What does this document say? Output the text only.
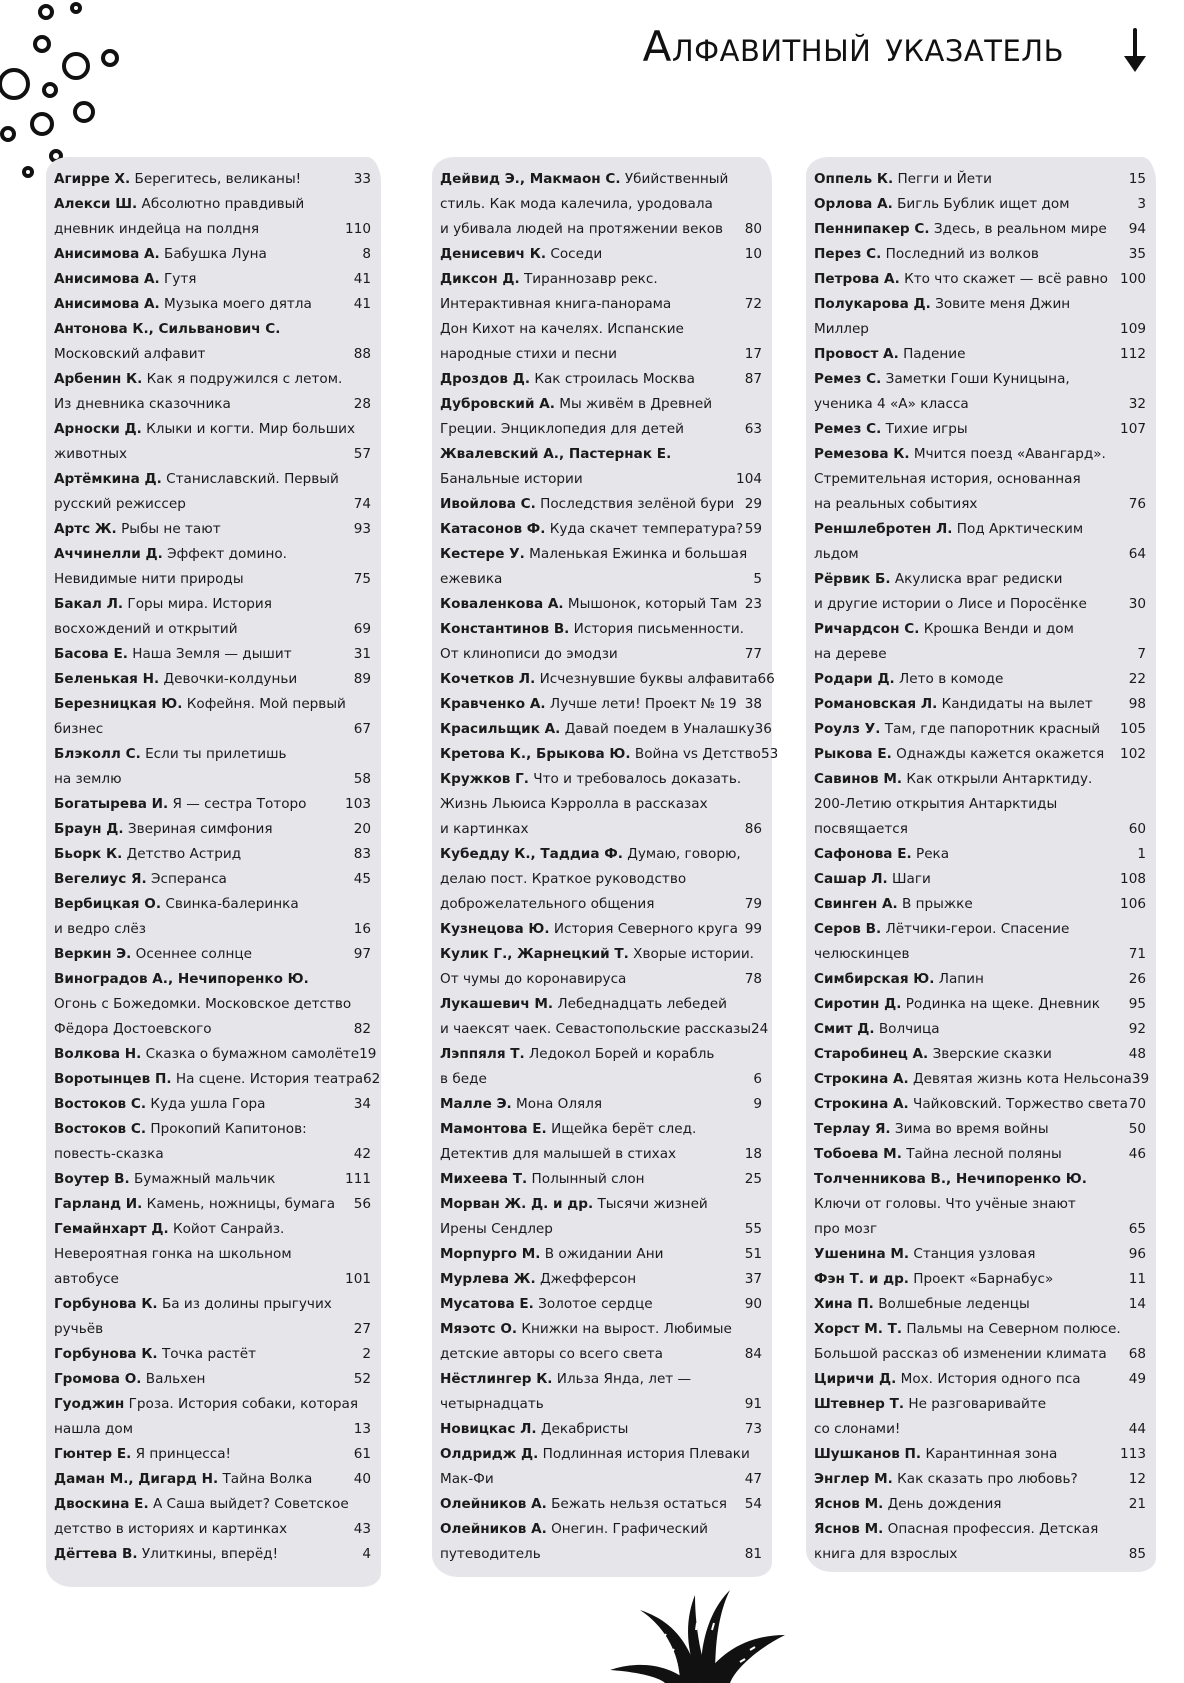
Алфавитный указатель
Агирре Х. Берегитесь, великаны!	33
Алекси Ш. Абсолютно правдивый
дневник индейца на полдня	110
Анисимова А. Бабушка Луна	8
Анисимова А. Гутя	41
Анисимова А. Музыка моего дятла	41
Антонова К., Сильванович С.
Московский алфавит	88
Арбенин К. Как я подружился с летом.
Из дневника сказочника	28
Арноски Д. Клыки и когти. Мир больших
животных	57
Артёмкина Д. Станиславский. Первый
русский режиссер	74
Артс Ж. Рыбы не тают	93
Аччинелли Д. Эффект домино.
Невидимые нити природы	75
Бакал Л. Горы мира. История
восхождений и открытий	69
Басова Е. Наша Земля — дышит	31
Беленькая Н. Девочки-колдуньи	89
Березницкая Ю. Кофейня. Мой первый
бизнес	67
Блэколл С. Если ты прилетишь
на землю	58
Богатырева И. Я — сестра Тоторо	103
Браун Д. Звериная симфония	20
Бьорк К. Детство Астрид	83
Вегелиус Я. Эсперанса	45
Вербицкая О. Свинка-балеринка
и ведро слёз	16
Веркин Э. Осеннее солнце	97
Виноградов А., Нечипоренко Ю.
Огонь с Божедомки. Московское детство
Фёдора Достоевского	82
Волкова Н. Сказка о бумажном самолёте 19
Воротынцев П. На сцене. История театра 62
Востоков С. Куда ушла Гора	34
Востоков С. Прокопий Капитонов:
повесть-сказка	42
Воутер В. Бумажный мальчик	111
Гарланд И. Камень, ножницы, бумага 56
Гемайнхарт Д. Койот Санрайз.
Невероятная гонка на школьном
автобусе	101
Горбунова К. Ба из долины прыгучих
ручьёв	27
Горбунова К. Точка растёт	2
Громова О. Вальхен	52
Гуоджин Гроза. История собаки, которая
нашла дом	13
Гюнтер Е. Я принцесса!	61
Даман М., Дигард Н. Тайна Волка	40
Двоскина Е. А Саша выйдет? Советское
детство в историях и картинках	43
Дёгтева В. Улиткины, вперёд!	4
Дейвид Э., Макмаон С. Убийственный
стиль. Как мода калечила, уродовала
и убивала людей на протяжении веков 80
Денисевич К. Соседи	10
Диксон Д. Тираннозавр рекс.
Интерактивная книга-панорама	72
Дон Кихот на качелях. Испанские
народные стихи и песни	17
Дроздов Д. Как строилась Москва	87
Дубровский А. Мы живём в Древней
Греции. Энциклопедия для детей	63
Жвалевский А., Пастернак Е.
Банальные истории	104
Ивойлова С. Последствия зелёной бури 29
Катасонов Ф. Куда скачет температура? 59
Кестере У. Маленькая Ежинка и большая
ежевика	5
Коваленкова А. Мышонок, который Там 23
Константинов В. История письменности.
От клинописи до эмодзи	77
Кочетков Л. Исчезнувшие буквы алфавита 66
Кравченко А. Лучше лети! Проект № 19 38
Красильщик А. Давай поедем в Уналашку 36
Кретова К., Брыкова Ю. Война vs Детство 53
Кружков Г. Что и требовалось доказать.
Жизнь Льюиса Кэрролла в рассказах
и картинках	86
Кубедду К., Таддиа Ф. Думаю, говорю,
делаю пост. Краткое руководство
доброжелательного общения	79
Кузнецова Ю. История Северного круга 99
Кулик Г., Жарнецкий Т. Хворые истории.
От чумы до коронавируса	78
Лукашевич М. Лебеднадцать лебедей
и чаексят чаек. Севастопольские рассказы 24
Лэппяля Т. Ледокол Борей и корабль
в беде	6
Малле Э. Мона Оляля	9
Мамонтова Е. Ищейка берёт след.
Детектив для малышей в стихах	18
Михеева Т. Полынный слон	25
Морван Ж. Д. и др. Тысячи жизней
Ирены Сендлер	55
Морпурго М. В ожидании Ани	51
Мурлева Ж. Джефферсон	37
Мусатова Е. Золотое сердце	90
Мяэотс О. Книжки на вырост. Любимые
детские авторы со всего света	84
Нёстлингер К. Ильза Янда, лет —
четырнадцать	91
Новицкас Л. Декабристы	73
Олдридж Д. Подлинная история Плеваки
Мак-Фи	47
Олейников А. Бежать нельзя остаться 54
Олейников А. Онегин. Графический
путеводитель	81
Оппель К. Пегги и Йети	15
Орлова А. Бигль Бублик ищет дом	3
Пеннипакер С. Здесь, в реальном мире 94
Перез С. Последний из волков	35
Петрова А. Кто что скажет — всё равно 100
Полукарова Д. Зовите меня Джин
Миллер	109
Провост А. Падение	112
Ремез С. Заметки Гоши Куницына,
ученика 4 «А» класса	32
Ремез С. Тихие игры	107
Ремезова К. Мчится поезд «Авангард».
Стремительная история, основанная
на реальных событиях	76
Реншлебротен Л. Под Арктическим
льдом	64
Рёрвик Б. Акулиска враг редиски
и другие истории о Лисе и Поросёнке	30
Ричардсон С. Крошка Венди и дом
на дереве	7
Родари Д. Лето в комоде	22
Романовская Л. Кандидаты на вылет	98
Роулз У. Там, где папоротник красный 105
Рыкова Е. Однажды кажется окажется 102
Савинов М. Как открыли Антарктиду.
200-Летию открытия Антарктиды
посвящается	60
Сафонова Е. Река	1
Сашар Л. Шаги	108
Свинген А. В прыжке	106
Серов В. Лётчики-герои. Спасение
челюскинцев	71
Симбирская Ю. Лапин	26
Сиротин Д. Родинка на щеке. Дневник 95
Смит Д. Волчица	92
Старобинец А. Зверские сказки	48
Строкина А. Девятая жизнь кота Нельсона 39
Строкина А. Чайковский. Торжество света 70
Терлау Я. Зима во время войны	50
Тобоева М. Тайна лесной поляны	46
Толченникова В., Нечипоренко Ю.
Ключи от головы. Что учёные знают
про мозг	65
Ушенина М. Станция узловая	96
Фэн Т. и др. Проект «Барнабус»	11
Хина П. Волшебные леденцы	14
Хорст М. Т. Пальмы на Северном полюсе.
Большой рассказ об изменении климата 68
Циричи Д. Мох. История одного пса	49
Штевнер Т. Не разговаривайте
со слонами!	44
Шушканов П. Карантинная зона	113
Энглер М. Как сказать про любовь?	12
Яснов М. День дождения	21
Яснов М. Опасная профессия. Детская
книга для взрослых	85
